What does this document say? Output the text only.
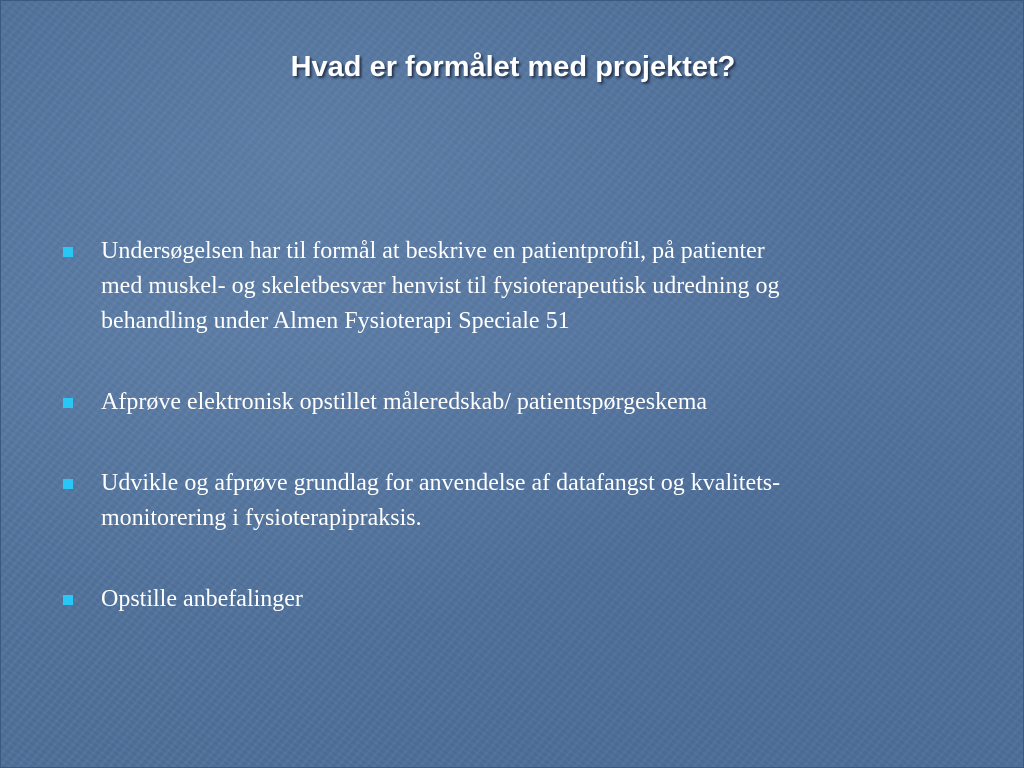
Hvad er formålet med projektet?
Undersøgelsen har til formål at beskrive en patientprofil, på patienter
med muskel- og skeletbesvær henvist til fysioterapeutisk udredning og
behandling under Almen Fysioterapi Speciale 51
Afprøve elektronisk opstillet måleredskab/ patientspørgeskema
Udvikle og afprøve grundlag for anvendelse af datafangst og kvalitets-
monitorering i fysioterapipraksis.
Opstille anbefalinger
